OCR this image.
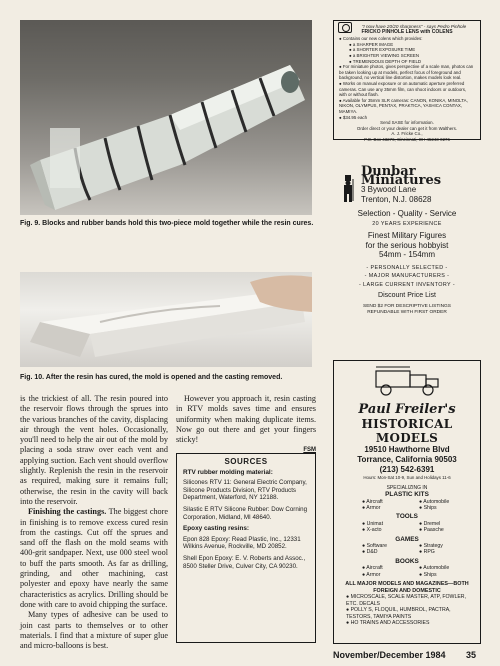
Fig. 9. Blocks and rubber bands hold this two-piece mold together while the resin cures.
Fig. 10. After the resin has cured, the mold is opened and the casting removed.

is the trickiest of all. The resin poured into the reservoir flows through the sprues into the various branches of the cavity, displacing air through the vent holes. Occasionally, you'll need to help the air out of the mold by placing a soda straw over each vent and applying suction. Each vent should overflow slightly. Replenish the resin in the reservoir as required, making sure it remains full; otherwise, the resin in the cavity will back into the reservoir.

Finishing the castings. The biggest chore in finishing is to remove excess cured resin from the castings. Cut off the sprues and sand off the flash on the mold seams with 400-grit sandpaper. Next, use 000 steel wool to buff the parts smooth. As far as drilling, grinding, and other machining, cast polyester and epoxy have nearly the same characteristics as acrylics. Drilling should be done with care to avoid chipping the surface.

Many types of adhesive can be used to join cast parts to themselves or to other materials. I find that a mixture of super glue and micro-balloons is best.

However you approach it, resin casting in RTV molds saves time and ensures uniformity when making duplicate items. Now go out there and get your fingers sticky!

FSM
SOURCES
RTV rubber molding material:

Silicones RTV 11: General Electric Company, Silicone Products Division, RTV Products Department, Waterford, NY 12188.

Silastic E RTV Silicone Rubber: Dow Corning Corporation, Midland, MI 48640.

Epoxy casting resins:

Epon 828 Epoxy: Read Plastic, Inc., 12331 Wilkins Avenue, Rockville, MD 20852.

Shell Epon Epoxy: E. V. Roberts and Assoc., 8500 Steller Drive, Culver City, CA 90230.

"I now have 20/20 sharpness" - says Pedro Pinhole
FRICKO PINHOLE LENS with COLENS
● Contains our new colens which provides:
● a SHARPER IMAGE
● a SHORTER EXPOSURE TIME
● a BRIGHTER VIEWING SCREEN
● TREMENDOUS DEPTH OF FIELD
● For miniature photos, gives perspective of a scale man, photos can be taken looking up at models, perfect focus of foreground and background, no vertical line distortion, makes models look real.
● Works on manual exposure or on automatic aperture preferred cameras. Can use any 35mm film, can shoot indoors or outdoors, with or without flash.
● Available for 35mm SLR cameras: CANON, KONIKA, MINOLTA, NIKON, OLYMPUS, PENTAX, PRAKTICA, YASHICA CONTAX, MAMIYA.
● $34.95 each
Send SASE for information.
Order direct or your dealer can get it from Walthers.
A. J. Fricke Co.,
P.O. Box 43276, Cincinnati, OH 45243-0276
Dunbar Miniatures
3 Bywood Lane
Trenton, N.J. 08628
Selection - Quality - Service
20 YEARS EXPERIENCE
Finest Military Figures
for the serious hobbyist
54mm - 154mm
- PERSONALLY SELECTED -
- MAJOR MANUFACTURERS -
- LARGE CURRENT INVENTORY -
Discount Price List
SEND $2 FOR DESCRIPTIVE LISTINGS
REFUNDABLE WITH FIRST ORDER
Paul Freiler's
HISTORICAL MODELS
19510 Hawthorne Blvd
Torrance, California 90503
(213) 542-6391
Hours: Mon-Sat 10-9, Sun and Holidays 11-6
SPECIALIZING IN
PLASTIC KITS
● Aircraft	● Automobile
● Armor	● Ships
TOOLS
● Unimat	● Dremel
● X-acto	● Paasche
GAMES
● Software	● Strategy
● D&D	● RPG
BOOKS
● Aircraft	● Automobile
● Armor	● Ships
ALL MAJOR MODELS AND MAGAZINES—BOTH FOREIGN AND DOMESTIC
● MICROSCALE, SCALE MASTER, ATP, FOWLER, ETC. DECALS
● POLLY S, FLOQUIL, HUMBROL, PACTRA, TESTORS, TAMIYA PAINTS
● HO TRAINS AND ACCESSORIES
November/December 1984 35
